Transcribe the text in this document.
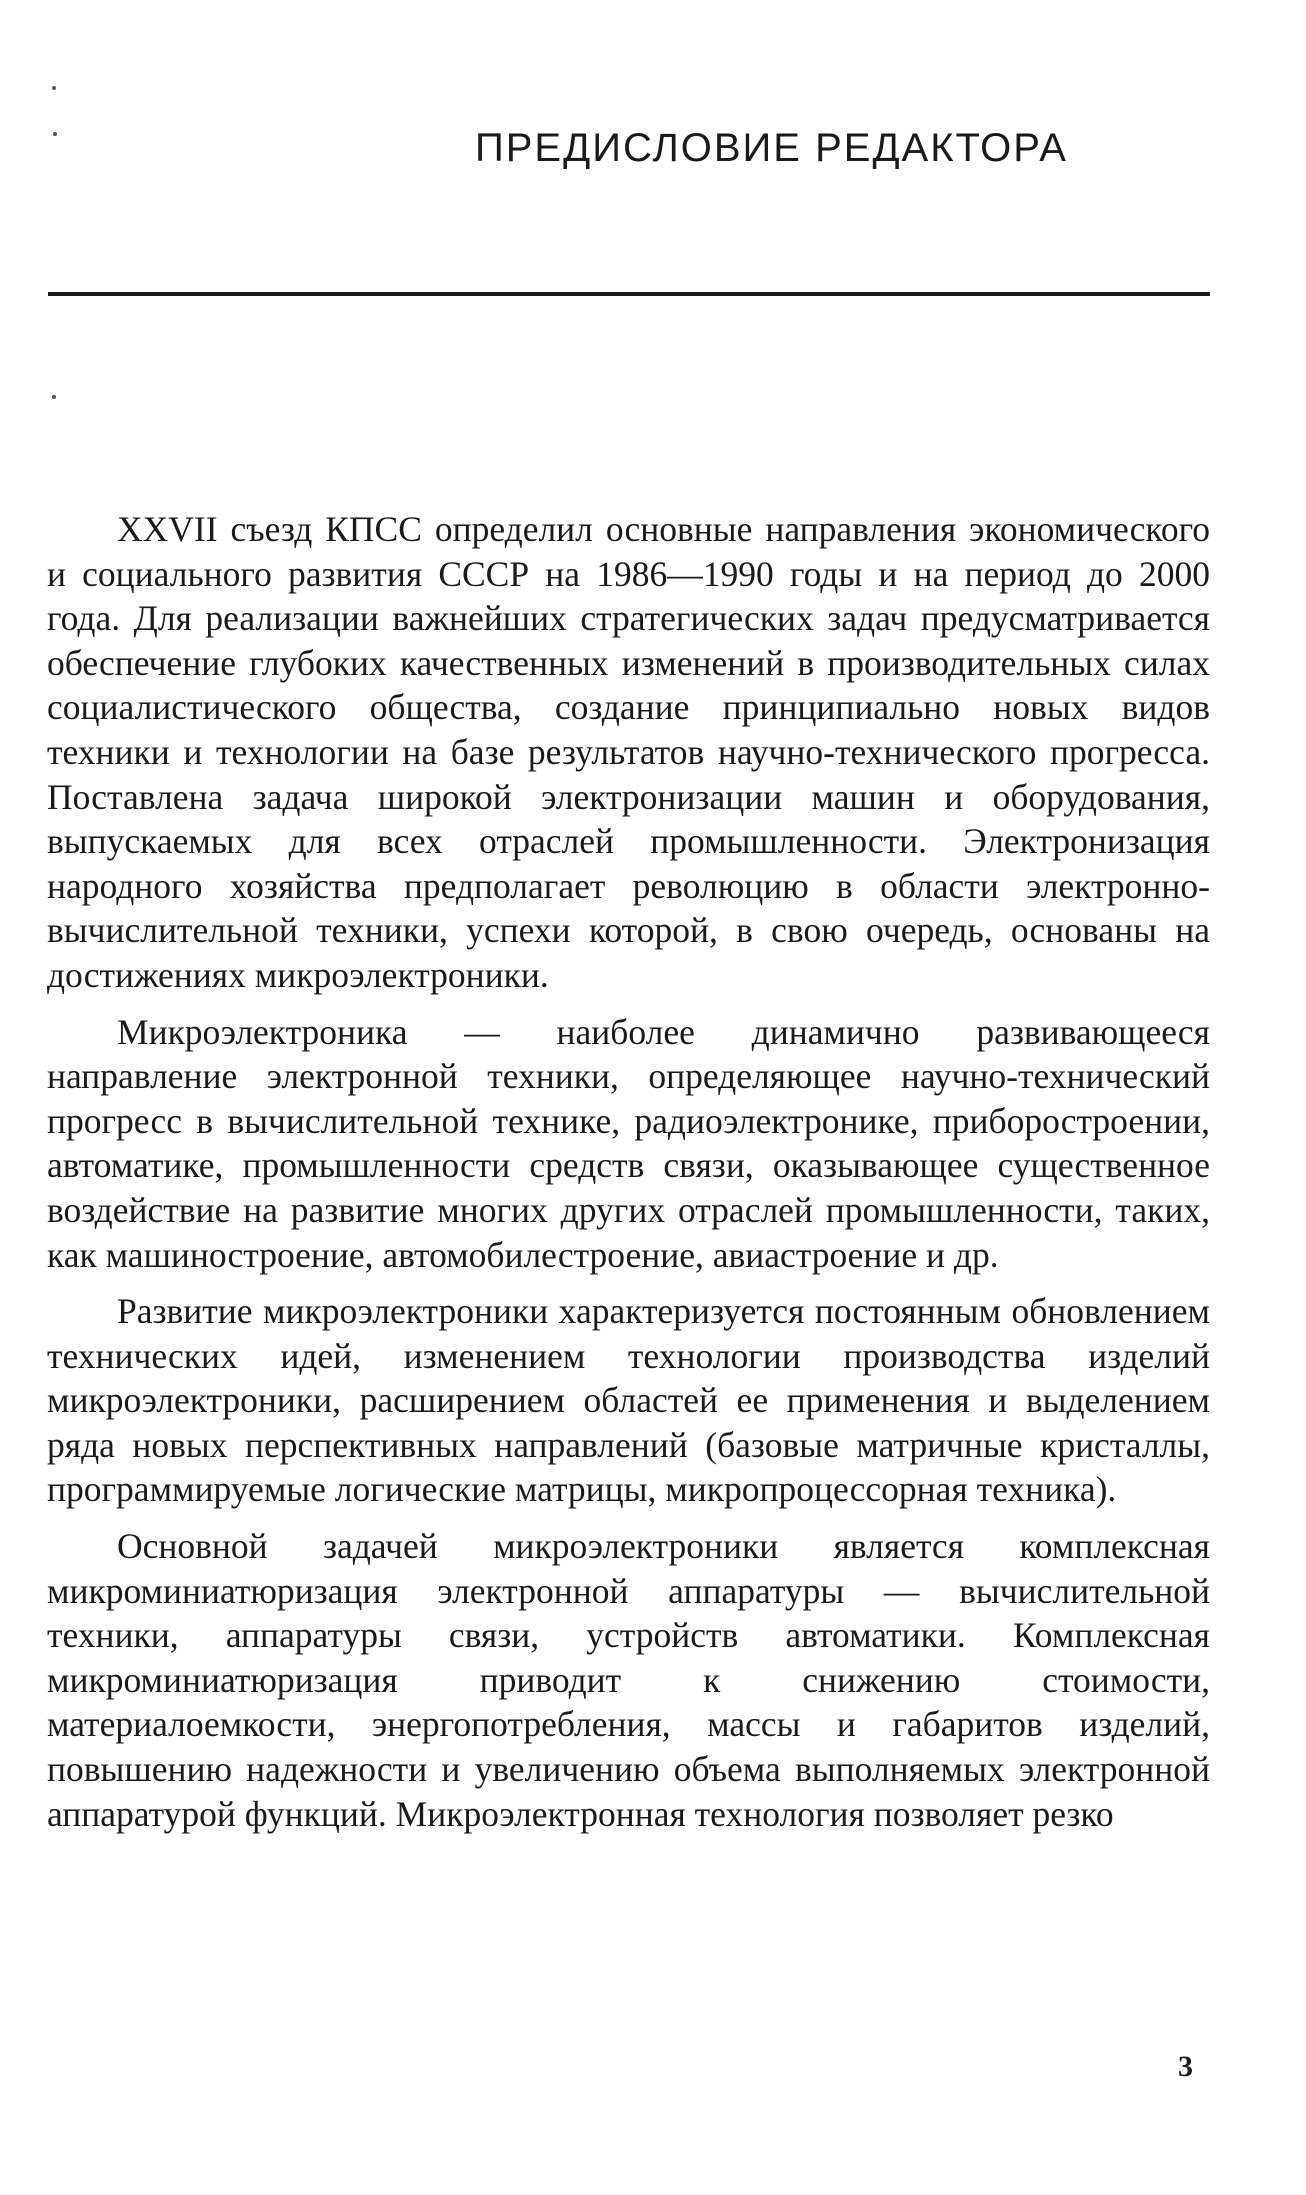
ПРЕДИСЛОВИЕ РЕДАКТОРА

XXVII съезд КПСС определил основные направления экономического и социального развития СССР на 1986—1990 годы и на период до 2000 года. Для реализации важнейших стратегических задач предусматривается обеспечение глубоких качественных изменений в производительных силах социалистического общества, создание принципиально новых видов техники и технологии на базе результатов научно-технического прогресса. Поставлена задача широкой электронизации машин и оборудования, выпускаемых для всех отраслей промышленности. Электронизация народного хозяйства предполагает революцию в области электронновычислительной техники, успехи которой, в свою очередь, основаны на достижениях микроэлектроники.

Микроэлектроника — наиболее динамично развивающееся направление электронной техники, определяющее научно-технический прогресс в вычислительной технике, радиоэлектронике, приборостроении, автоматике, промышленности средств связи, оказывающее существенное воздействие на развитие многих других отраслей промышленности, таких, как машиностроение, автомобилестроение, авиастроение и др.

Развитие микроэлектроники характеризуется постоянным обновлением технических идей, изменением технологии производства изделий микроэлектроники, расширением областей ее применения и выделением ряда новых перспективных направлений (базовые матричные кристаллы, программируемые логические матрицы, микропроцессорная техника).

Основной задачей микроэлектроники является комплексная микроминиатюризация электронной аппаратуры — вычислительной техники, аппаратуры связи, устройств автоматики. Комплексная микроминиатюризация приводит к снижению стоимости, материалоемкости, энергопотребления, массы и габаритов изделий, повышению надежности и увеличению объема выполняемых электронной аппаратурой функций. Микроэлектронная технология позволяет резко

3
